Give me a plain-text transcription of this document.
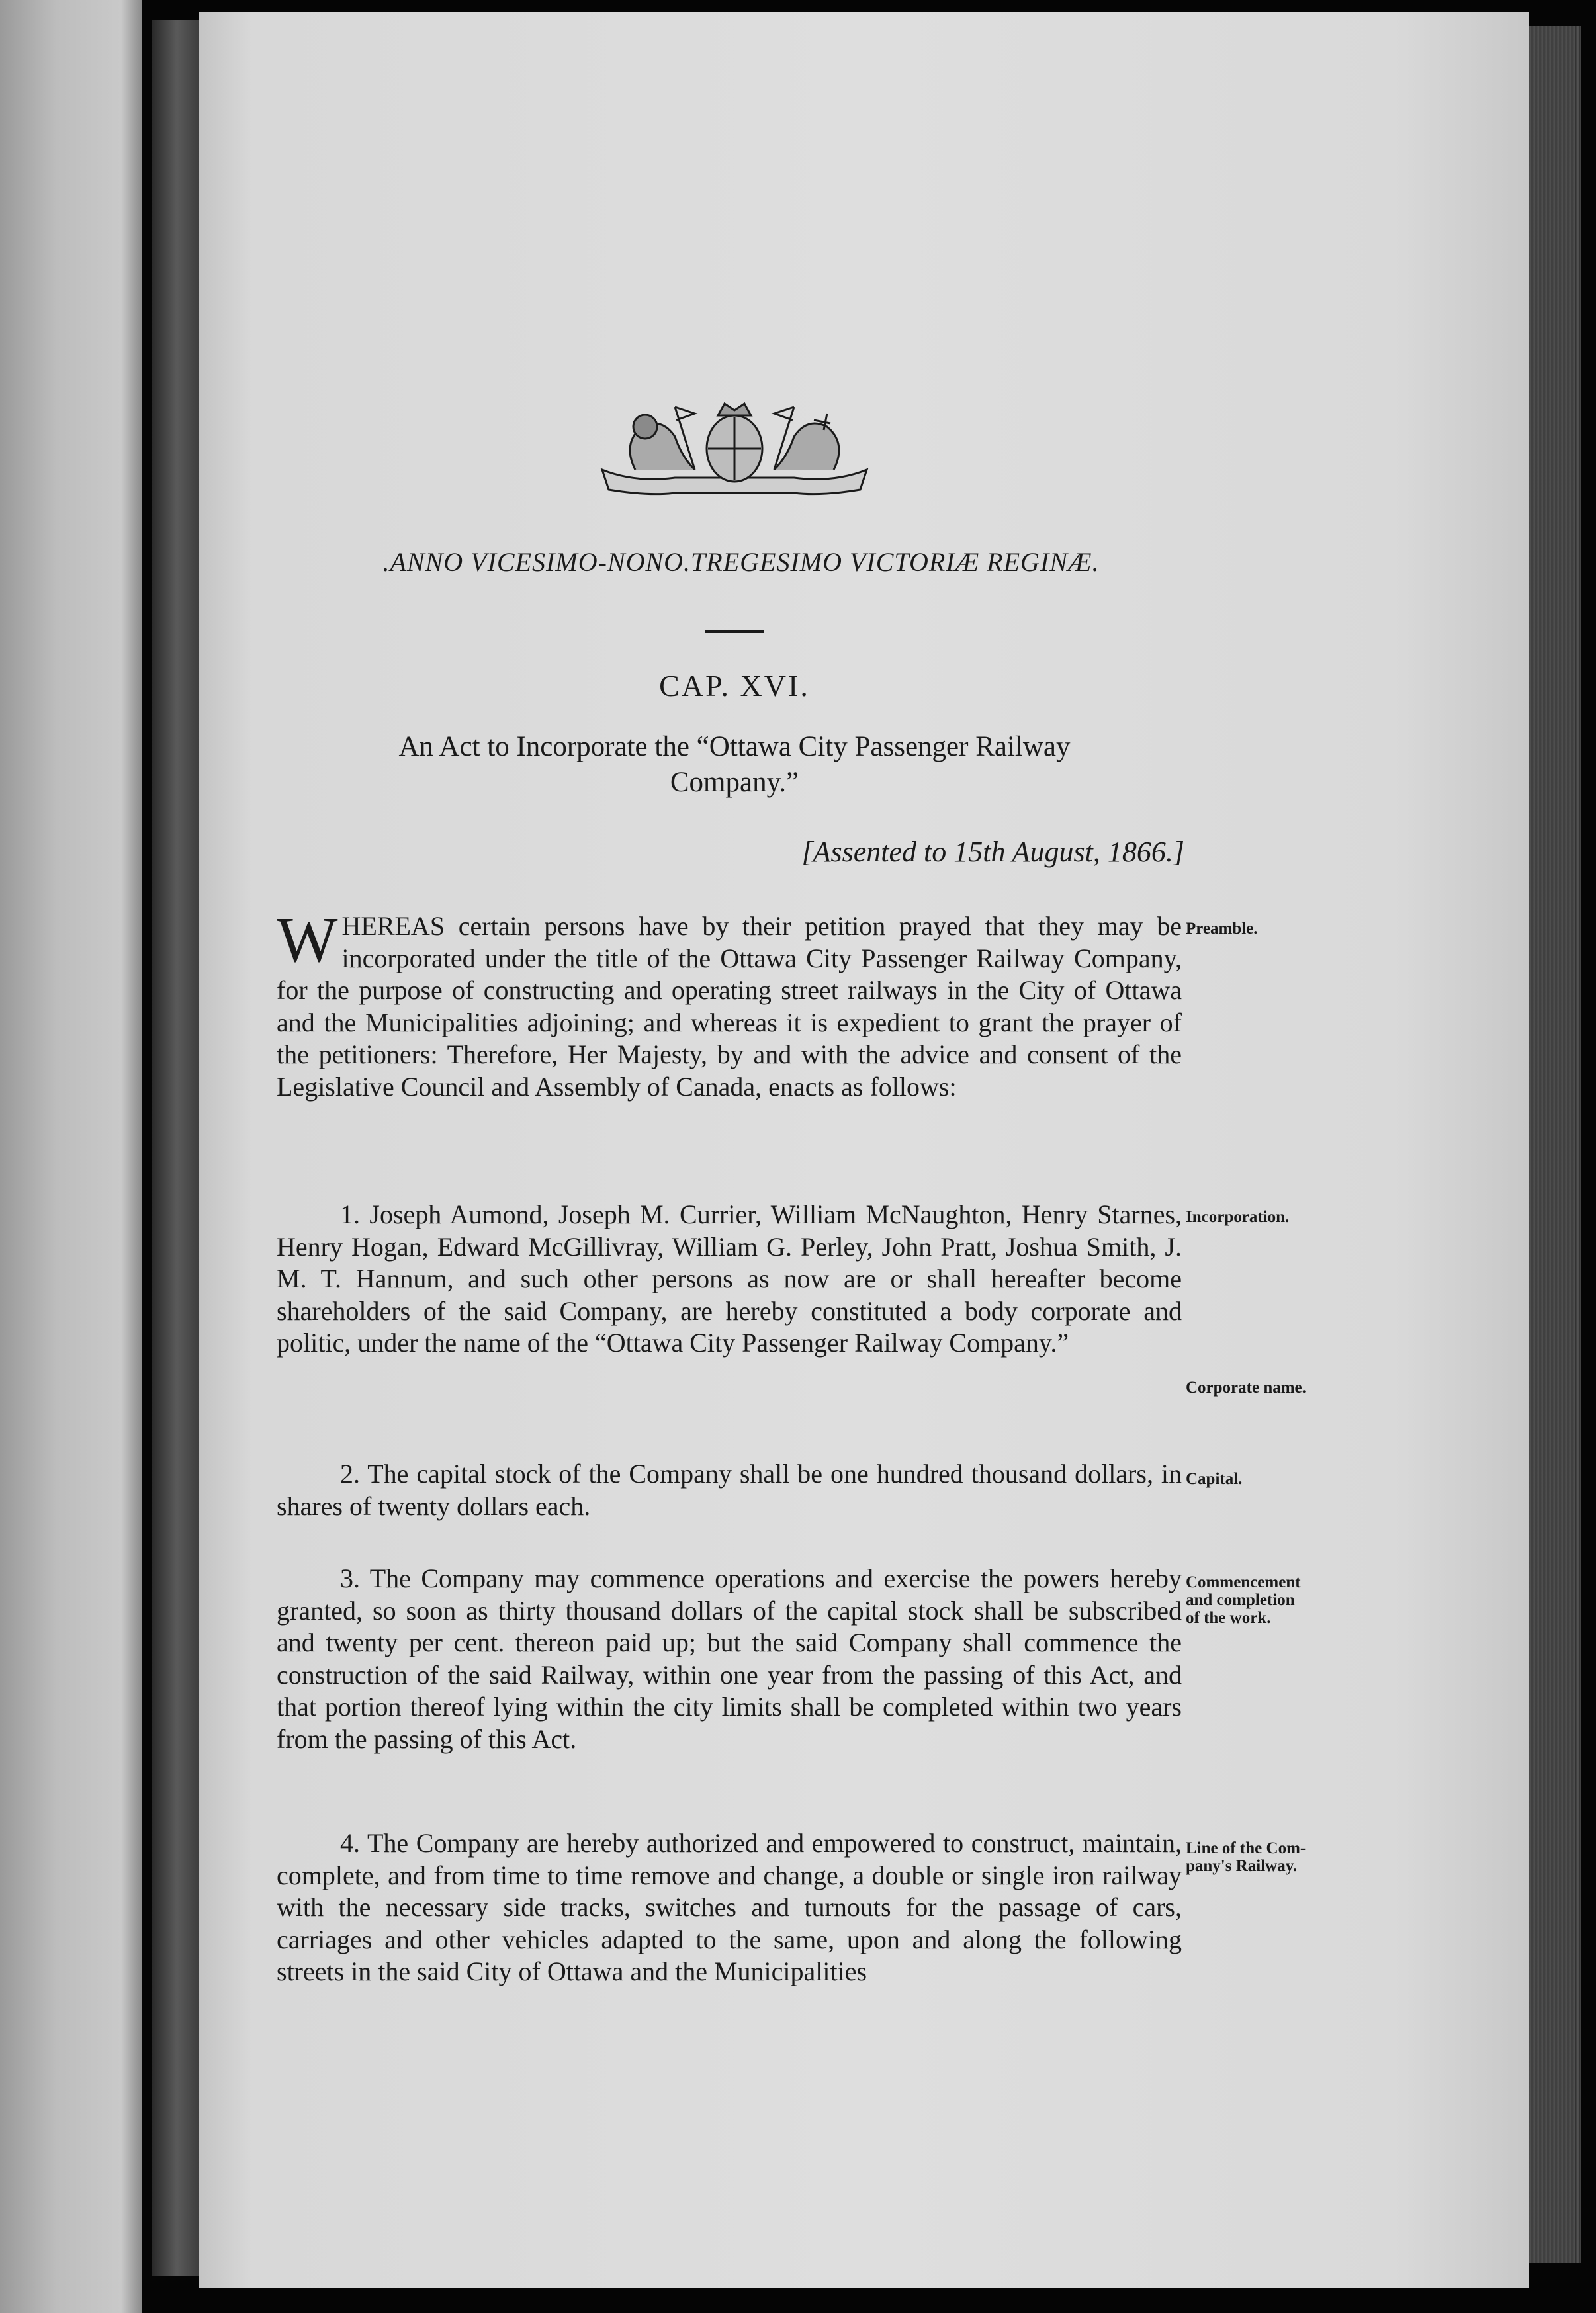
.ANNO VICESIMO-NONO.TREGESIMO VICTORIÆ REGINÆ.
CAP. XVI.
An Act to Incorporate the “Ottawa City Passenger Railway
Company.”
[Assented to 15th August, 1866.]
WHEREAS certain persons have by their petition prayed that they may be incorporated under the title of the Ottawa City Passenger Railway Company, for the purpose of constructing and operating street railways in the City of Ottawa and the Municipalities adjoining; and whereas it is expedient to grant the prayer of the petitioners: Therefore, Her Majesty, by and with the advice and consent of the Legislative Council and Assembly of Canada, enacts as follows:
Preamble.
1. Joseph Aumond, Joseph M. Currier, William McNaughton, Henry Starnes, Henry Hogan, Edward McGillivray, William G. Perley, John Pratt, Joshua Smith, J. M. T. Hannum, and such other persons as now are or shall hereafter become shareholders of the said Company, are hereby constituted a body corporate and politic, under the name of the “Ottawa City Passenger Railway Company.”
Incorporation.
Corporate name.
2. The capital stock of the Company shall be one hundred thousand dollars, in shares of twenty dollars each.
Capital.
3. The Company may commence operations and exercise the powers hereby granted, so soon as thirty thousand dollars of the capital stock shall be subscribed and twenty per cent. thereon paid up; but the said Company shall commence the construction of the said Railway, within one year from the passing of this Act, and that portion thereof lying within the city limits shall be completed within two years from the passing of this Act.
Commencement
and completion
of the work.
4. The Company are hereby authorized and empowered to construct, maintain, complete, and from time to time remove and change, a double or single iron railway with the necessary side tracks, switches and turnouts for the passage of cars, carriages and other vehicles adapted to the same, upon and along the following streets in the said City of Ottawa and the Municipalities
Line of the Com-
pany's Railway.
